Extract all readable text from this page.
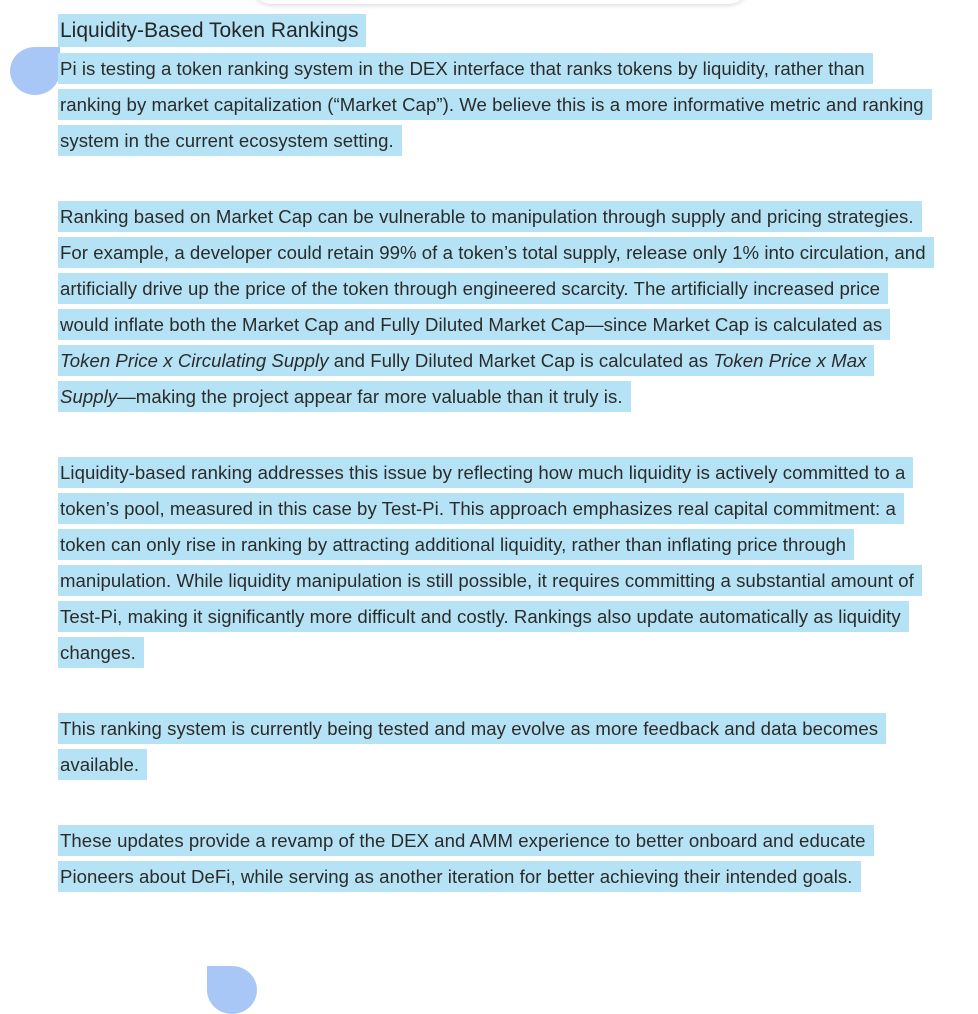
Liquidity-Based Token Rankings

Pi is testing a token ranking system in the DEX interface that ranks tokens by liquidity, rather than ranking by market capitalization (“Market Cap”). We believe this is a more informative metric and ranking system in the current ecosystem setting.

Ranking based on Market Cap can be vulnerable to manipulation through supply and pricing strategies. For example, a developer could retain 99% of a token’s total supply, release only 1% into circulation, and artificially drive up the price of the token through engineered scarcity. The artificially increased price would inflate both the Market Cap and Fully Diluted Market Cap—since Market Cap is calculated as Token Price x Circulating Supply and Fully Diluted Market Cap is calculated as Token Price x Max Supply—making the project appear far more valuable than it truly is.

Liquidity-based ranking addresses this issue by reflecting how much liquidity is actively committed to a token’s pool, measured in this case by Test-Pi. This approach emphasizes real capital commitment: a token can only rise in ranking by attracting additional liquidity, rather than inflating price through manipulation. While liquidity manipulation is still possible, it requires committing a substantial amount of Test-Pi, making it significantly more difficult and costly. Rankings also update automatically as liquidity changes.

This ranking system is currently being tested and may evolve as more feedback and data becomes available.

These updates provide a revamp of the DEX and AMM experience to better onboard and educate Pioneers about DeFi, while serving as another iteration for better achieving their intended goals.
